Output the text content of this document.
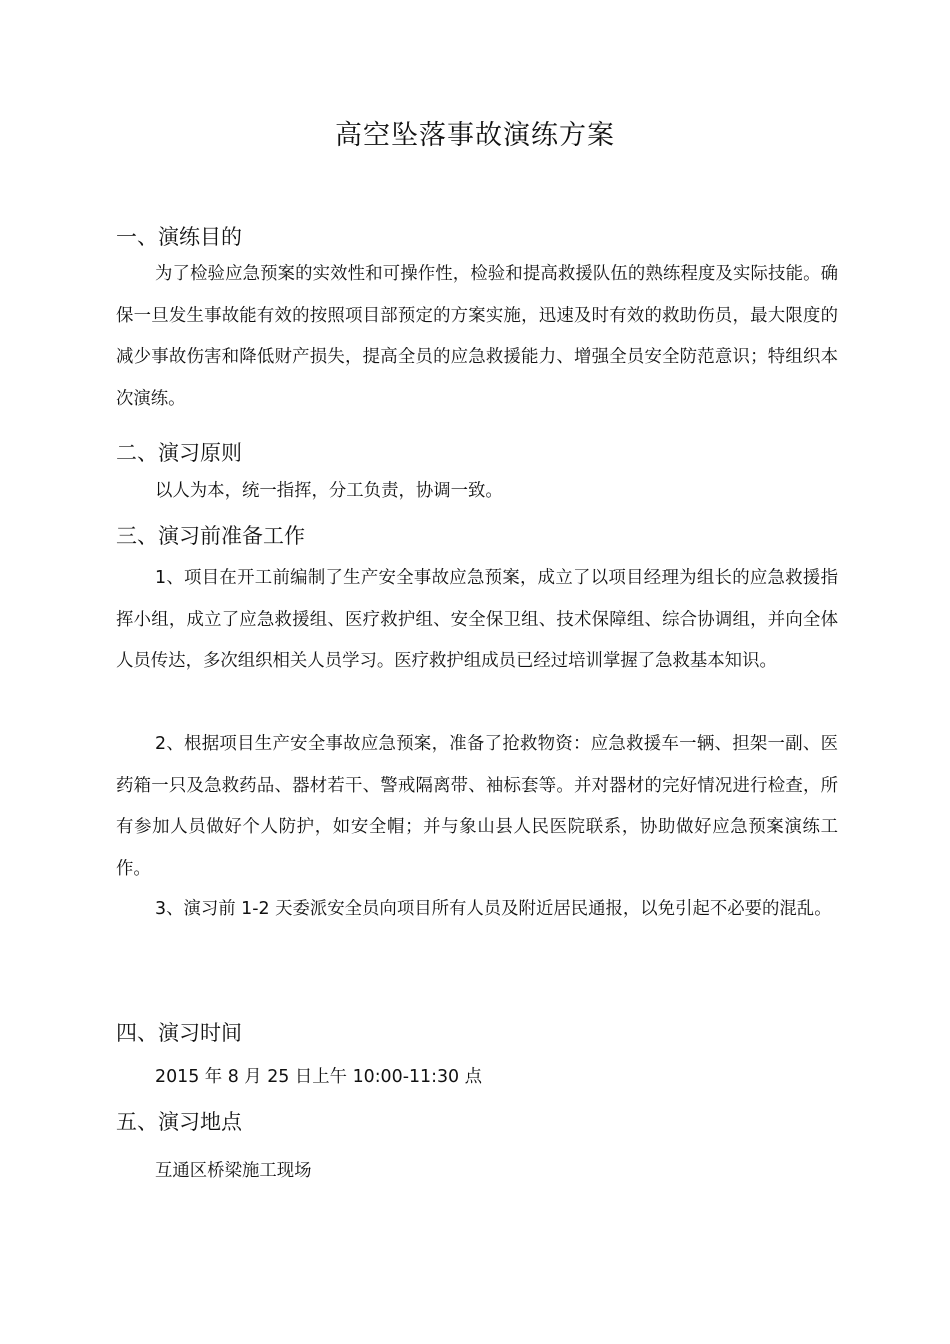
高空坠落事故演练方案
一、演练目的
为了检验应急预案的实效性和可操作性，检验和提高救援队伍的熟练程度及实际技能。确保一旦发生事故能有效的按照项目部预定的方案实施，迅速及时有效的救助伤员，最大限度的减少事故伤害和降低财产损失，提高全员的应急救援能力、增强全员安全防范意识；特组织本次演练。
二、演习原则
以人为本，统一指挥，分工负责，协调一致。
三、演习前准备工作
1、项目在开工前编制了生产安全事故应急预案，成立了以项目经理为组长的应急救援指挥小组，成立了应急救援组、医疗救护组、安全保卫组、技术保障组、综合协调组，并向全体人员传达，多次组织相关人员学习。医疗救护组成员已经过培训掌握了急救基本知识。
2、根据项目生产安全事故应急预案，准备了抢救物资：应急救援车一辆、担架一副、医药箱一只及急救药品、器材若干、警戒隔离带、袖标套等。并对器材的完好情况进行检查，所有参加人员做好个人防护，如安全帽；并与象山县人民医院联系，协助做好应急预案演练工作。
3、演习前 1-2 天委派安全员向项目所有人员及附近居民通报，以免引起不必要的混乱。
四、演习时间
2015 年 8 月 25 日上午 10:00-11:30 点
五、演习地点
互通区桥梁施工现场
